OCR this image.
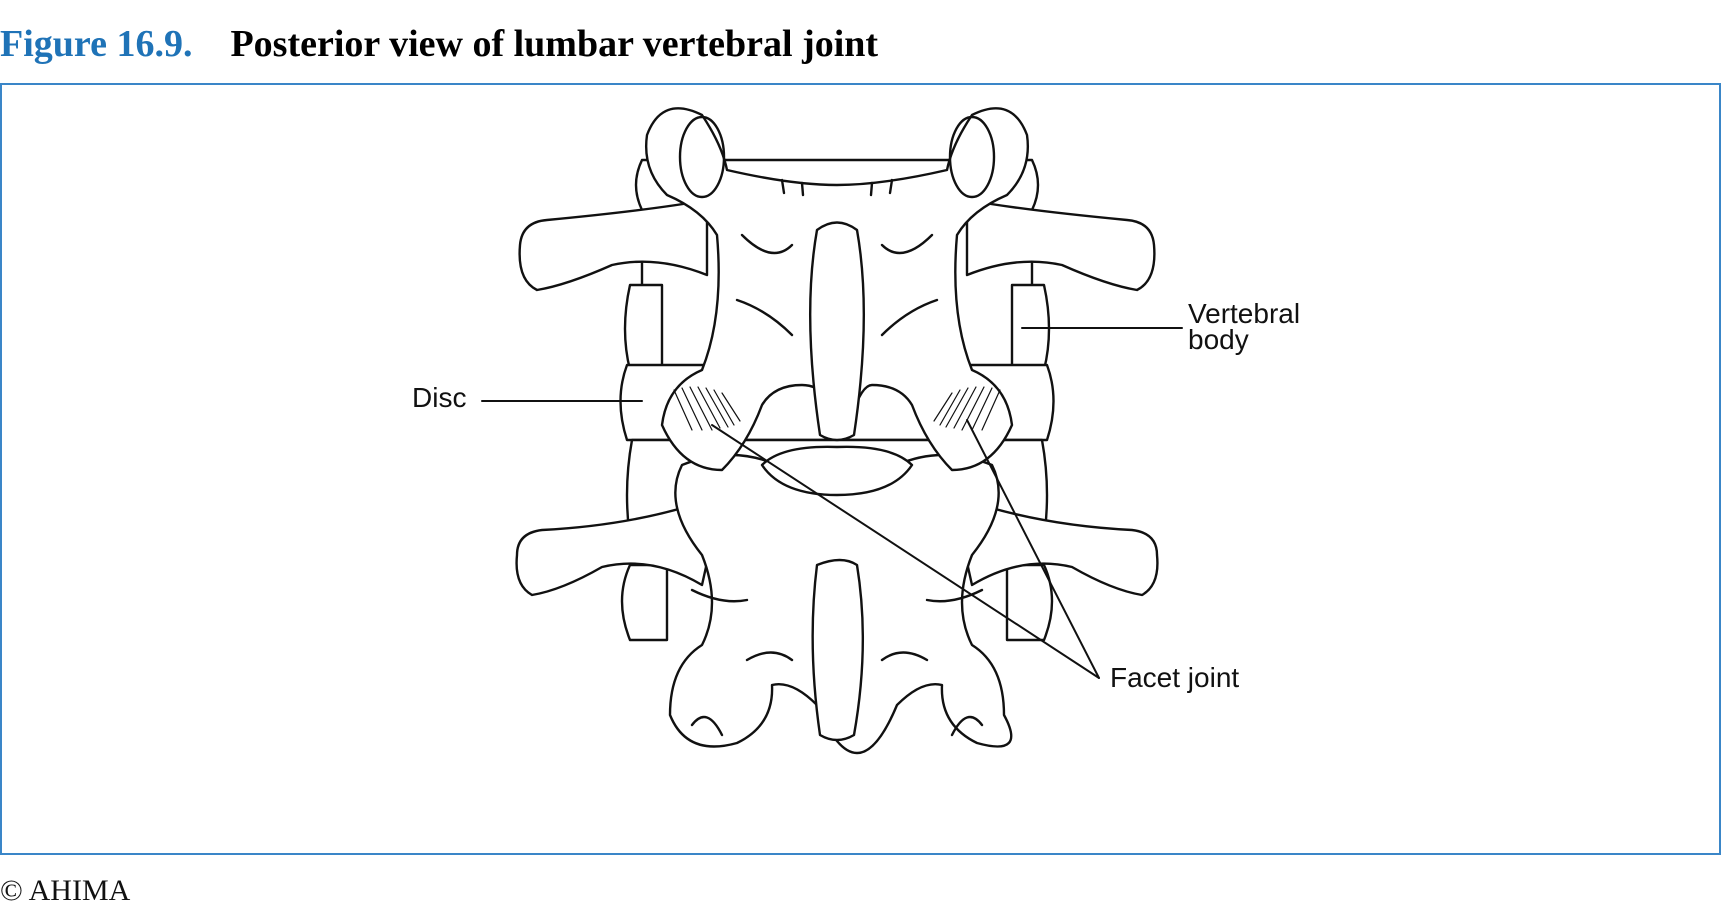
Figure 16.9. Posterior view of lumbar vertebral joint
Vertebral
body
Disc
Facet joint
© AHIMA
